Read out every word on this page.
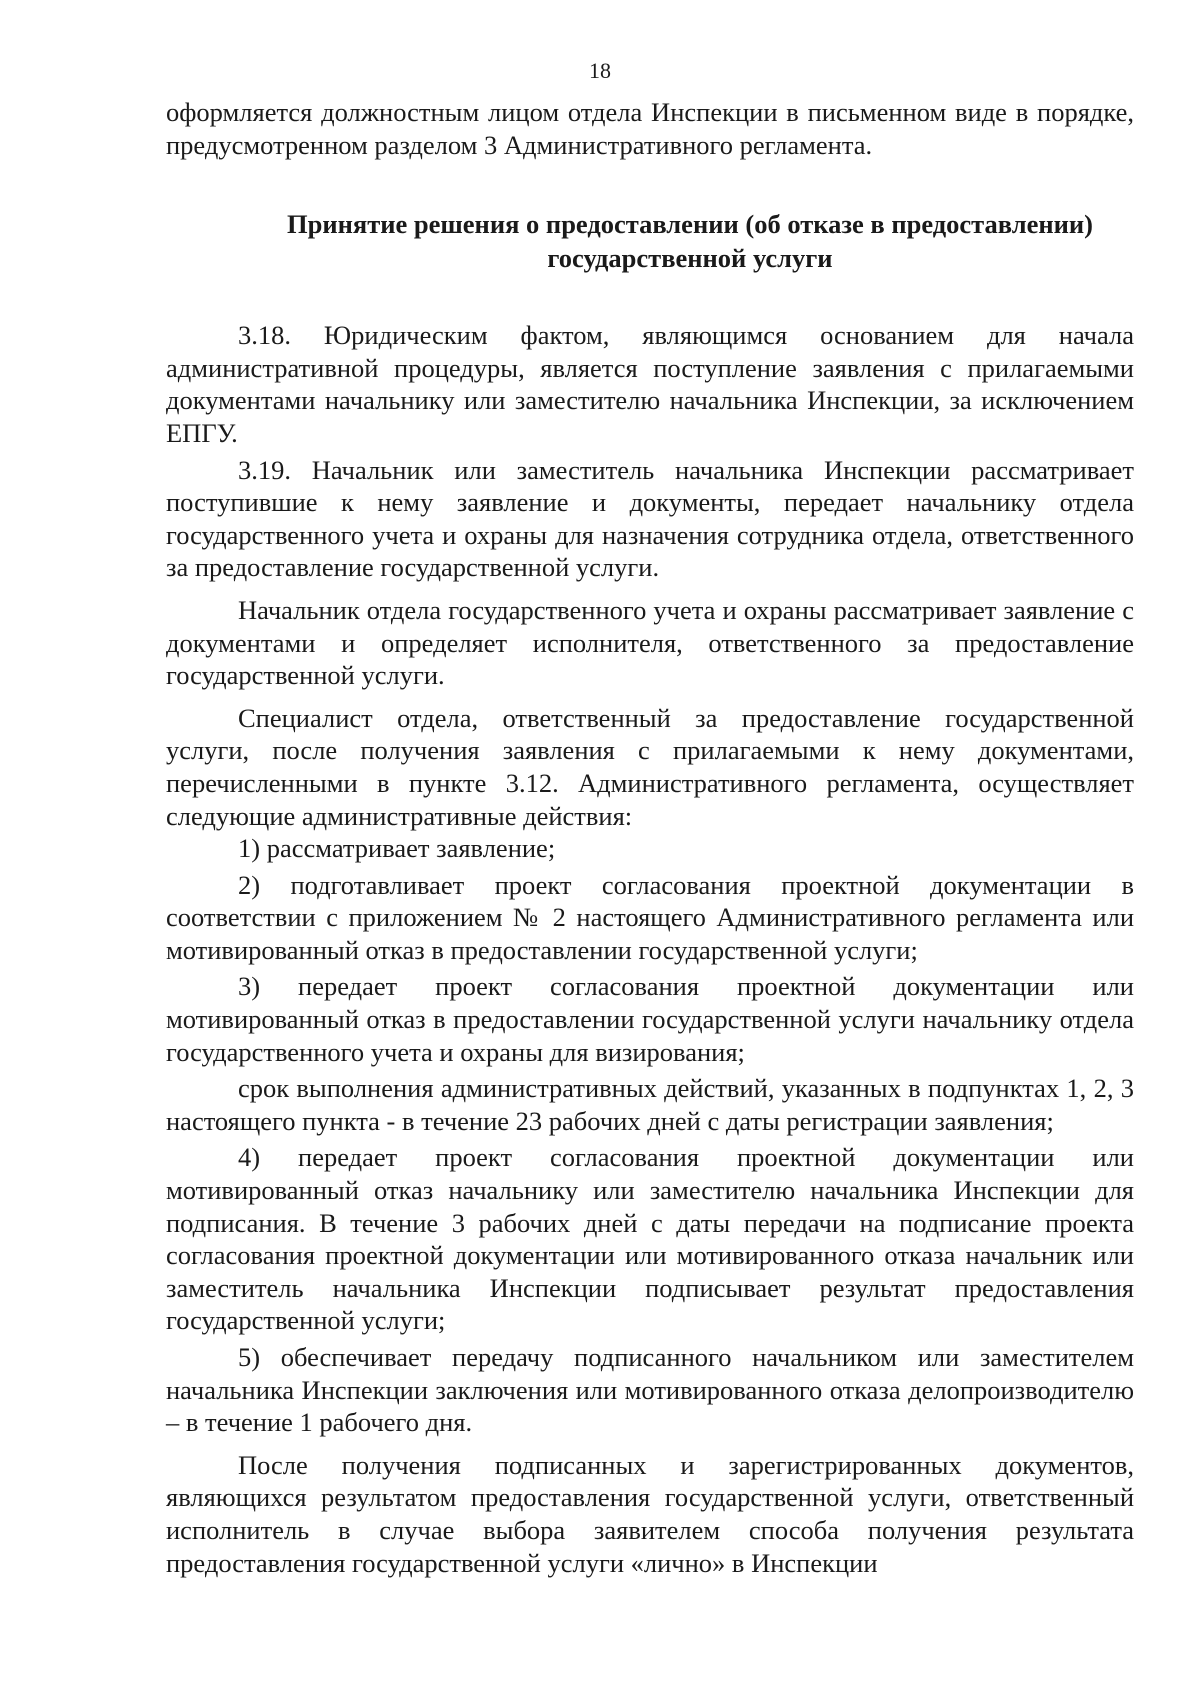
18

оформляется должностным лицом отдела Инспекции в письменном виде в порядке, предусмотренном разделом 3 Административного регламента.

Принятие решения о предоставлении (об отказе в предоставлении) государственной услуги

3.18. Юридическим фактом, являющимся основанием для начала административной процедуры, является поступление заявления с прилагаемыми документами начальнику или заместителю начальника Инспекции, за исключением ЕПГУ.

3.19. Начальник или заместитель начальника Инспекции рассматривает поступившие к нему заявление и документы, передает начальнику отдела государственного учета и охраны для назначения сотрудника отдела, ответственного за предоставление государственной услуги.

Начальник отдела государственного учета и охраны рассматривает заявление с документами и определяет исполнителя, ответственного за предоставление государственной услуги.

Специалист отдела, ответственный за предоставление государственной услуги, после получения заявления с прилагаемыми к нему документами, перечисленными в пункте 3.12. Административного регламента, осуществляет следующие административные действия:

1) рассматривает заявление;

2) подготавливает проект согласования проектной документации в соответствии с приложением № 2 настоящего Административного регламента или мотивированный отказ в предоставлении государственной услуги;

3) передает проект согласования проектной документации или мотивированный отказ в предоставлении государственной услуги начальнику отдела государственного учета и охраны для визирования;

срок выполнения административных действий, указанных в подпунктах 1, 2, 3 настоящего пункта - в течение 23 рабочих дней с даты регистрации заявления;

4) передает проект согласования проектной документации или мотивированный отказ начальнику или заместителю начальника Инспекции для подписания. В течение 3 рабочих дней с даты передачи на подписание проекта согласования проектной документации или мотивированного отказа начальник или заместитель начальника Инспекции подписывает результат предоставления государственной услуги;

5) обеспечивает передачу подписанного начальником или заместителем начальника Инспекции заключения или мотивированного отказа делопроизводителю – в течение 1 рабочего дня.

После получения подписанных и зарегистрированных документов, являющихся результатом предоставления государственной услуги, ответственный исполнитель в случае выбора заявителем способа получения результата предоставления государственной услуги «лично» в Инспекции
